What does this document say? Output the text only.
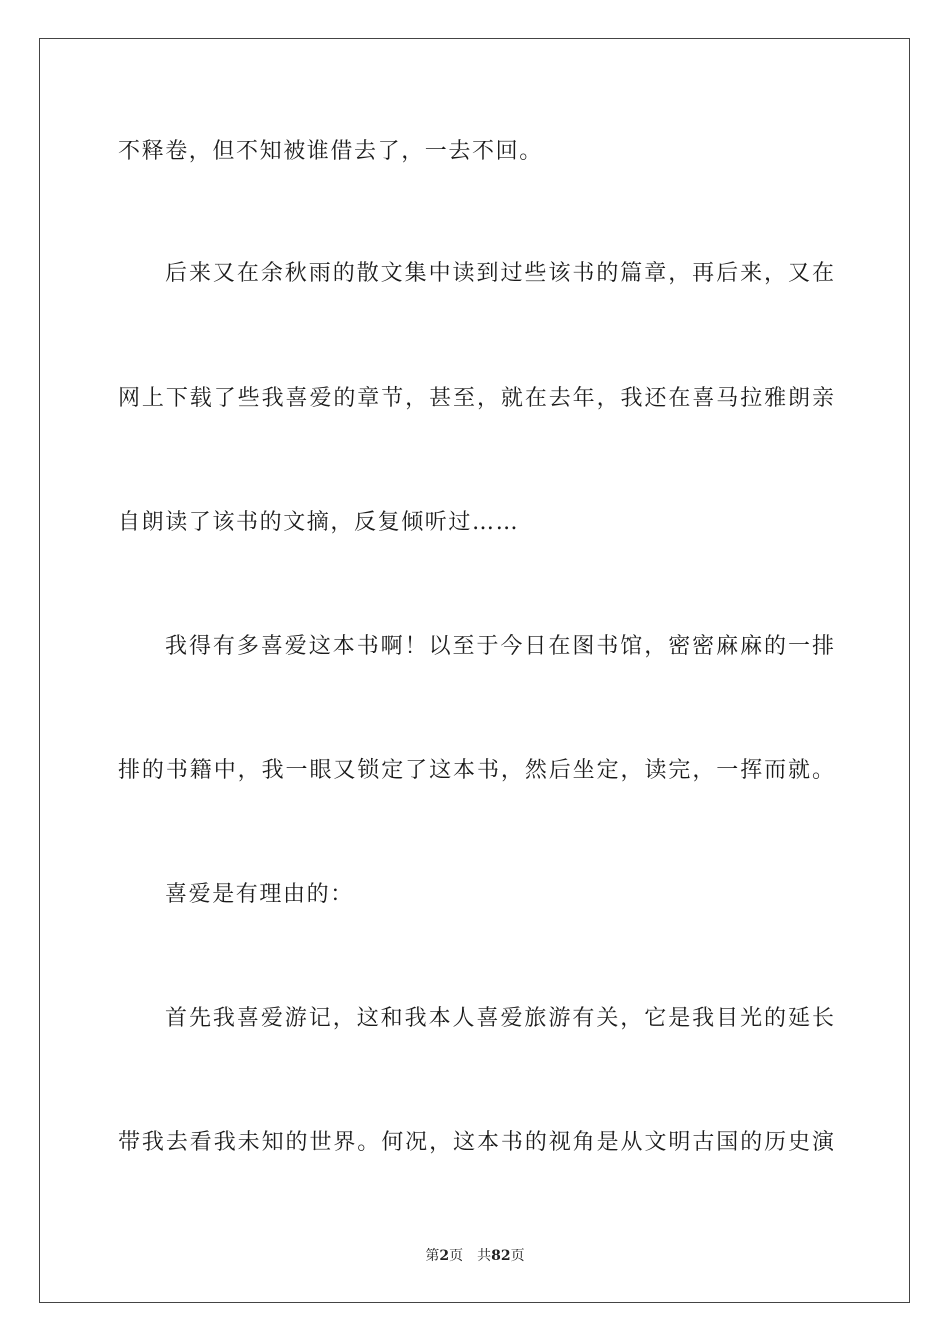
不释卷，但不知被谁借去了，一去不回。
后来又在余秋雨的散文集中读到过些该书的篇章，再后来，又在
网上下载了些我喜爱的章节，甚至，就在去年，我还在喜马拉雅朗亲
自朗读了该书的文摘，反复倾听过……
我得有多喜爱这本书啊！以至于今日在图书馆，密密麻麻的一排
排的书籍中，我一眼又锁定了这本书，然后坐定，读完，一挥而就。
喜爱是有理由的：
首先我喜爱游记，这和我本人喜爱旅游有关，它是我目光的延长
带我去看我未知的世界。何况，这本书的视角是从文明古国的历史演
第2页 共82页
